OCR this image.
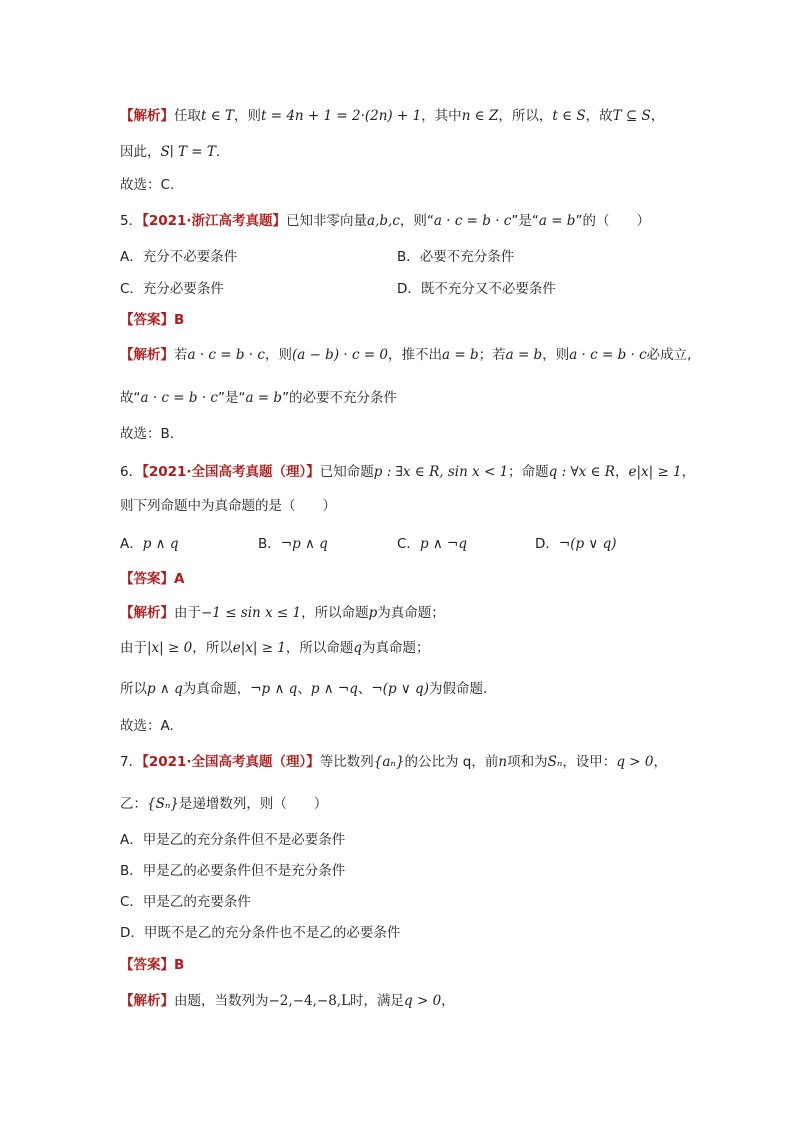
【解析】任取t ∈ T，则t = 4n + 1 = 2·(2n) + 1，其中n ∈ Z，所以，t ∈ S，故T ⊆ S，
因此，S∣ T = T.
故选：C.
5．【2021·浙江高考真题】已知非零向量a,b,c，则“a · c = b · c”是“a = b”的（　　）
A．充分不必要条件	B．必要不充分条件
C．充分必要条件	D．既不充分又不必要条件
【答案】B
【解析】若a · c = b · c，则(a − b) · c = 0，推不出a = b；若a = b，则a · c = b · c必成立,
故“a · c = b · c”是“a = b”的必要不充分条件
故选：B.
6．【2021·全国高考真题（理）】已知命题p : ∃x ∈ R, sin x < 1；命题q : ∀x ∈ R，e|x| ≥ 1，
则下列命题中为真命题的是（　　）
A．p ∧ q	B．¬p ∧ q	C．p ∧ ¬q	D．¬(p ∨ q)
【答案】A
【解析】由于−1 ≤ sin x ≤ 1，所以命题p为真命题；
由于|x| ≥ 0，所以e|x| ≥ 1，所以命题q为真命题；
所以p ∧ q为真命题，¬p ∧ q、p ∧ ¬q、¬(p ∨ q)为假命题.
故选：A.
7．【2021·全国高考真题（理）】等比数列{aₙ}的公比为 q，前n项和为Sₙ，设甲：q > 0，
乙：{Sₙ}是递增数列，则（　　）
A．甲是乙的充分条件但不是必要条件
B．甲是乙的必要条件但不是充分条件
C．甲是乙的充要条件
D．甲既不是乙的充分条件也不是乙的必要条件
【答案】B
【解析】由题，当数列为−2,−4,−8,L时，满足q > 0，
